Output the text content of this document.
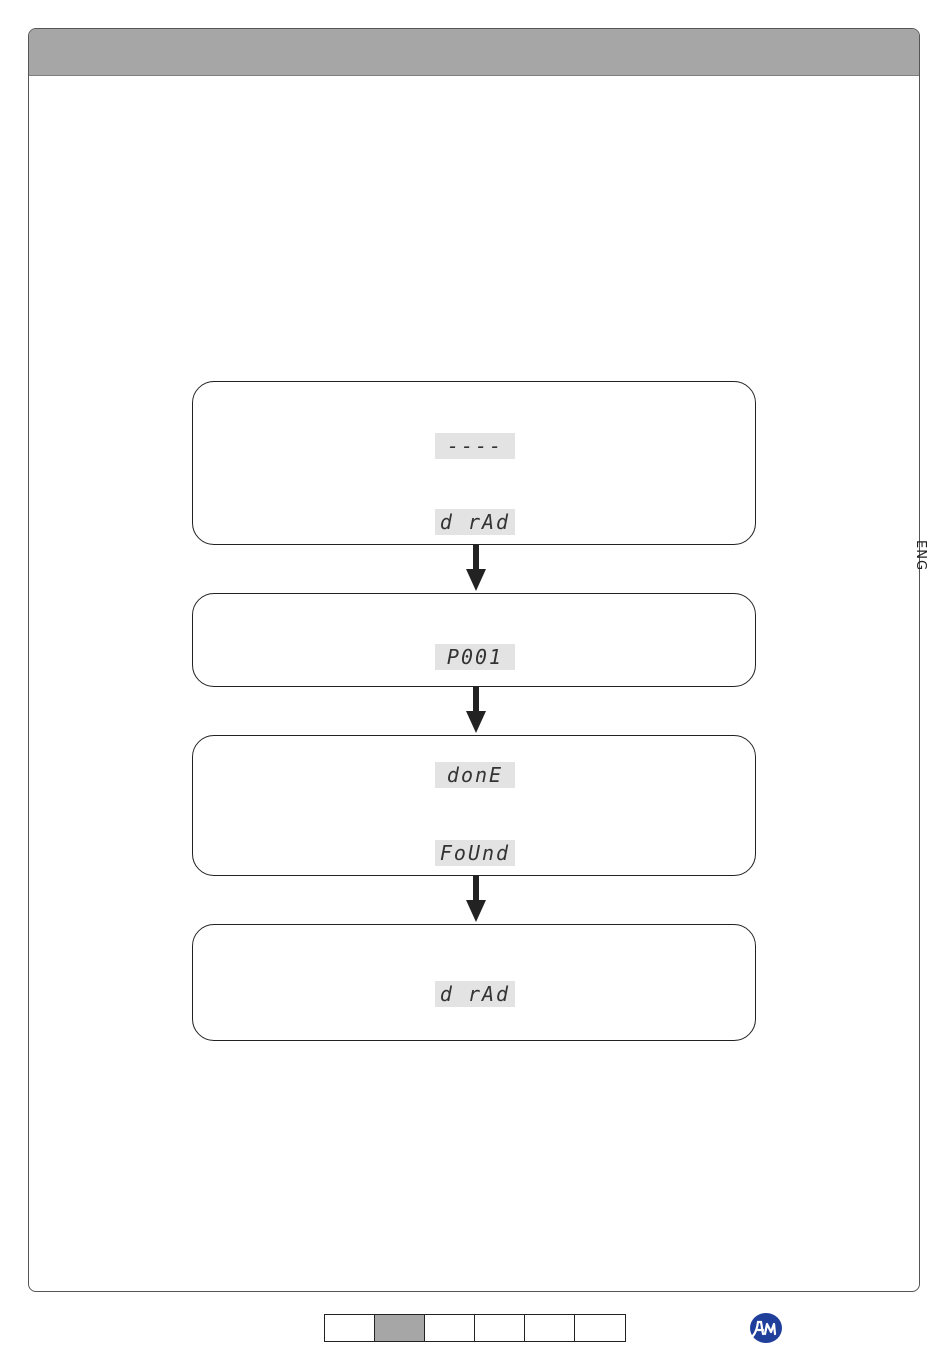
ENG
----
d rAd
P001
donE
FoUnd
d rAd
